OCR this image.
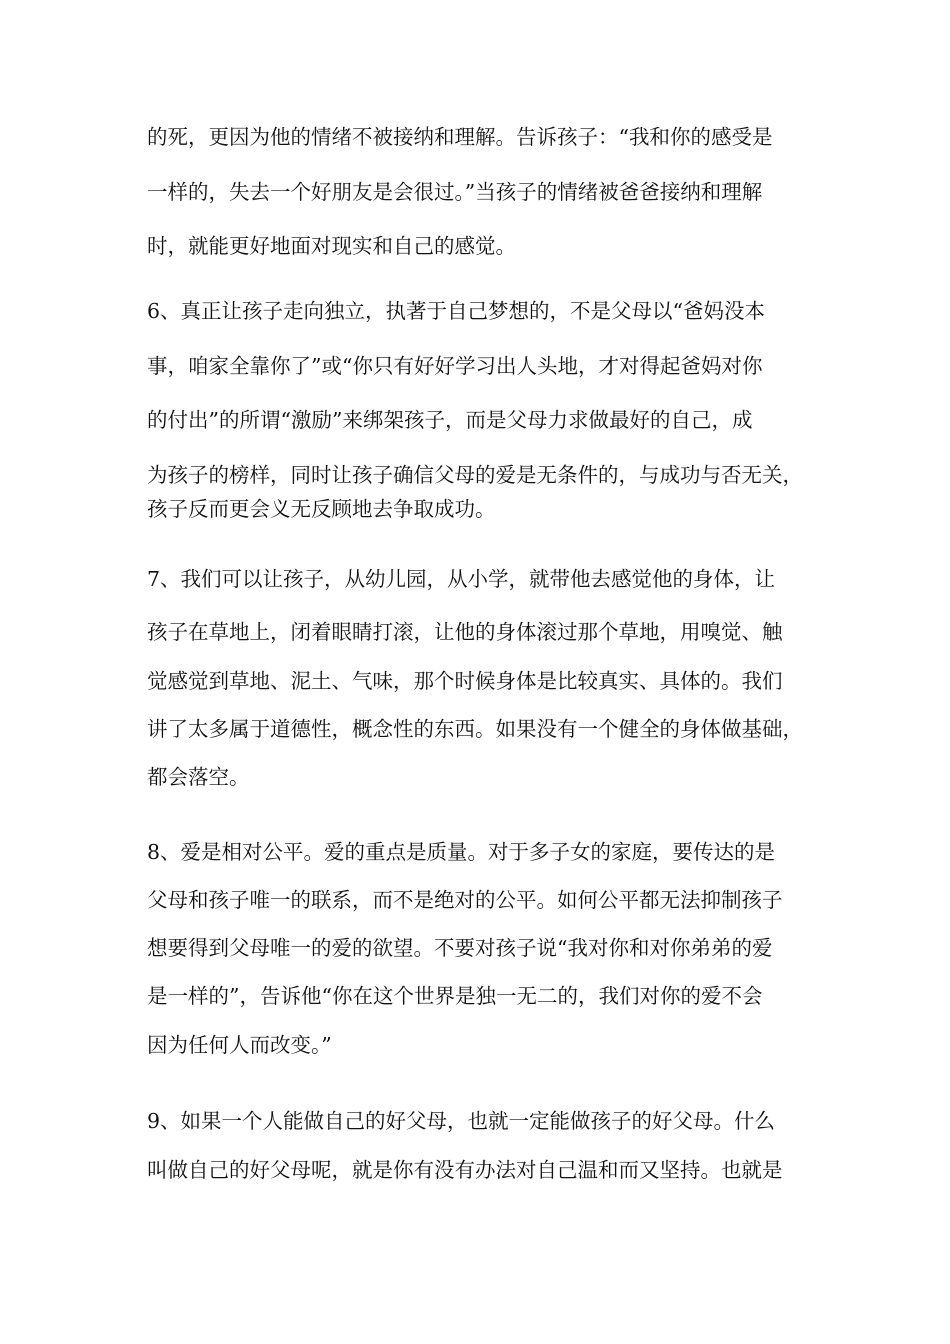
的死，更因为他的情绪不被接纳和理解。告诉孩子：“我和你的感受是
一样的，失去一个好朋友是会很过。”当孩子的情绪被爸爸接纳和理解
时，就能更好地面对现实和自己的感觉。
6、真正让孩子走向独立，执著于自己梦想的，不是父母以“爸妈没本
事，咱家全靠你了”或“你只有好好学习出人头地，才对得起爸妈对你
的付出”的所谓“激励”来绑架孩子，而是父母力求做最好的自己，成
为孩子的榜样，同时让孩子确信父母的爱是无条件的，与成功与否无关，
孩子反而更会义无反顾地去争取成功。
7、我们可以让孩子，从幼儿园，从小学，就带他去感觉他的身体，让
孩子在草地上，闭着眼睛打滚，让他的身体滚过那个草地，用嗅觉、触
觉感觉到草地、泥土、气味，那个时候身体是比较真实、具体的。我们
讲了太多属于道德性，概念性的东西。如果没有一个健全的身体做基础，
都会落空。
8、爱是相对公平。爱的重点是质量。对于多子女的家庭，要传达的是
父母和孩子唯一的联系，而不是绝对的公平。如何公平都无法抑制孩子
想要得到父母唯一的爱的欲望。不要对孩子说“我对你和对你弟弟的爱
是一样的”，告诉他“你在这个世界是独一无二的，我们对你的爱不会
因为任何人而改变。”
9、如果一个人能做自己的好父母，也就一定能做孩子的好父母。什么
叫做自己的好父母呢，就是你有没有办法对自己温和而又坚持。也就是
